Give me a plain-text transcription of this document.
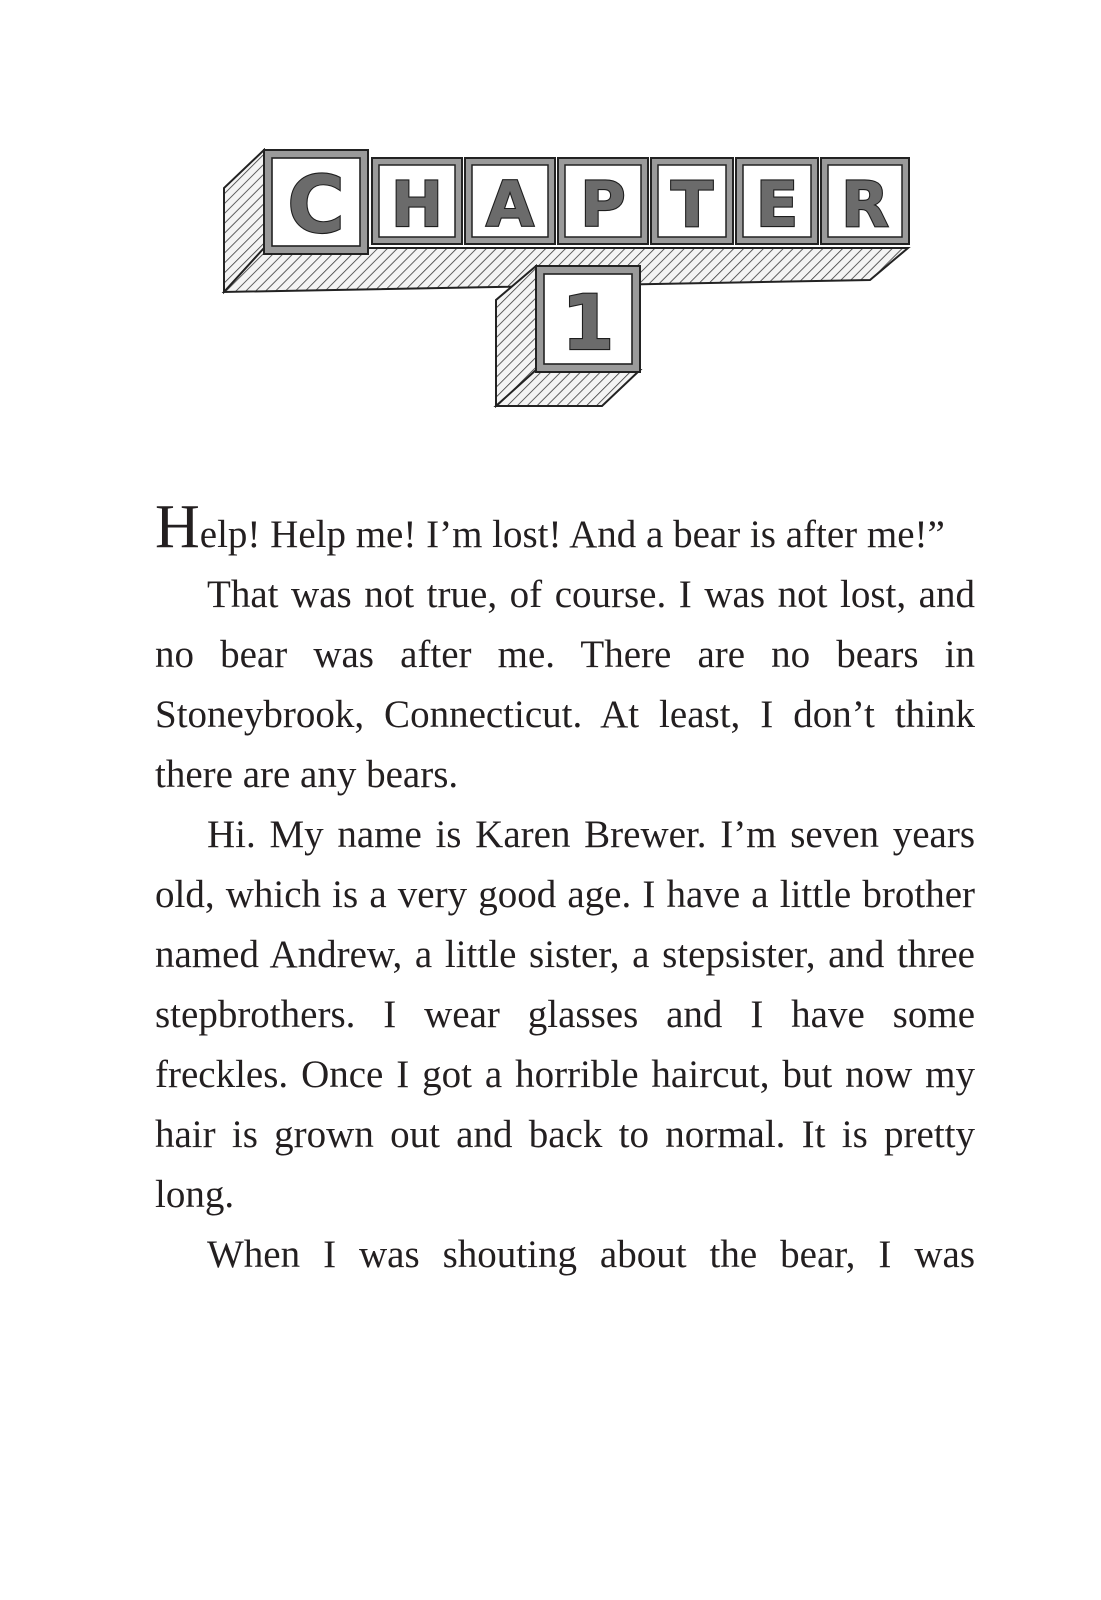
C H A P T E R
1

Help! Help me! I’m lost! And a bear is after me!”

That was not true, of course. I was not lost, and no bear was after me. There are no bears in Stoneybrook, Connecticut. At least, I don’t think there are any bears.

Hi. My name is Karen Brewer. I’m seven years old, which is a very good age. I have a little brother named Andrew, a little sister, a stepsister, and three stepbrothers. I wear glasses and I have some freckles. Once I got a horrible haircut, but now my hair is grown out and back to normal. It is pretty long.

When I was shouting about the bear, I was
